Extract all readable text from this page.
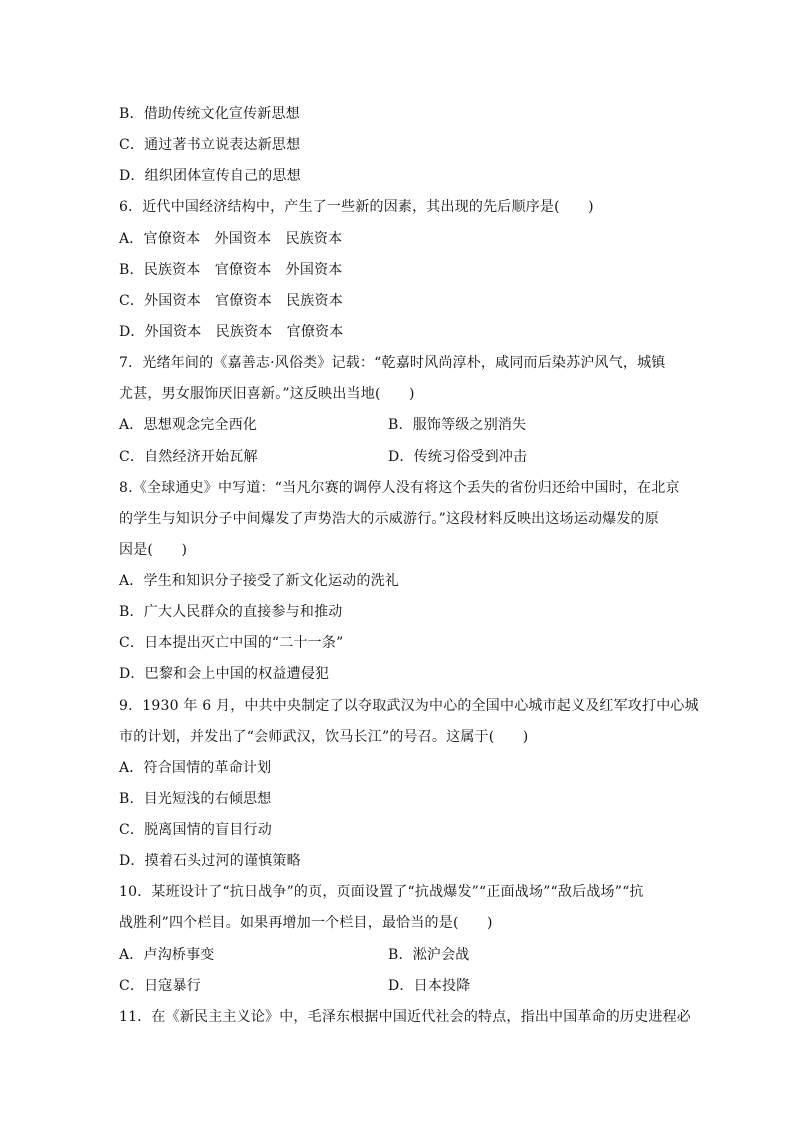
B．借助传统文化宣传新思想
C．通过著书立说表达新思想
D．组织团体宣传自己的思想
6．近代中国经济结构中，产生了一些新的因素，其出现的先后顺序是(　　)
A．官僚资本　外国资本　民族资本
B．民族资本　官僚资本　外国资本
C．外国资本　官僚资本　民族资本
D．外国资本　民族资本　官僚资本
7．光绪年间的《嘉善志·风俗类》记载：“乾嘉时风尚淳朴，咸同而后染苏沪风气，城镇
尤甚，男女服饰厌旧喜新。”这反映出当地(　　)
A．思想观念完全西化	B．服饰等级之别消失
C．自然经济开始瓦解	D．传统习俗受到冲击
8.《全球通史》中写道：“当凡尔赛的调停人没有将这个丢失的省份归还给中国时，在北京
的学生与知识分子中间爆发了声势浩大的示威游行。”这段材料反映出这场运动爆发的原
因是(　　)
A．学生和知识分子接受了新文化运动的洗礼
B．广大人民群众的直接参与和推动
C．日本提出灭亡中国的“二十一条”
D．巴黎和会上中国的权益遭侵犯
9．1930 年 6 月，中共中央制定了以夺取武汉为中心的全国中心城市起义及红军攻打中心城
市的计划，并发出了“会师武汉，饮马长江”的号召。这属于(　　)
A．符合国情的革命计划
B．目光短浅的右倾思想
C．脱离国情的盲目行动
D．摸着石头过河的谨慎策略
10．某班设计了“抗日战争”的页，页面设置了“抗战爆发”“正面战场”“敌后战场”“抗
战胜利”四个栏目。如果再增加一个栏目，最恰当的是(　　)
A．卢沟桥事变	B．淞沪会战
C．日寇暴行	D．日本投降
11．在《新民主主义论》中，毛泽东根据中国近代社会的特点，指出中国革命的历史进程必
